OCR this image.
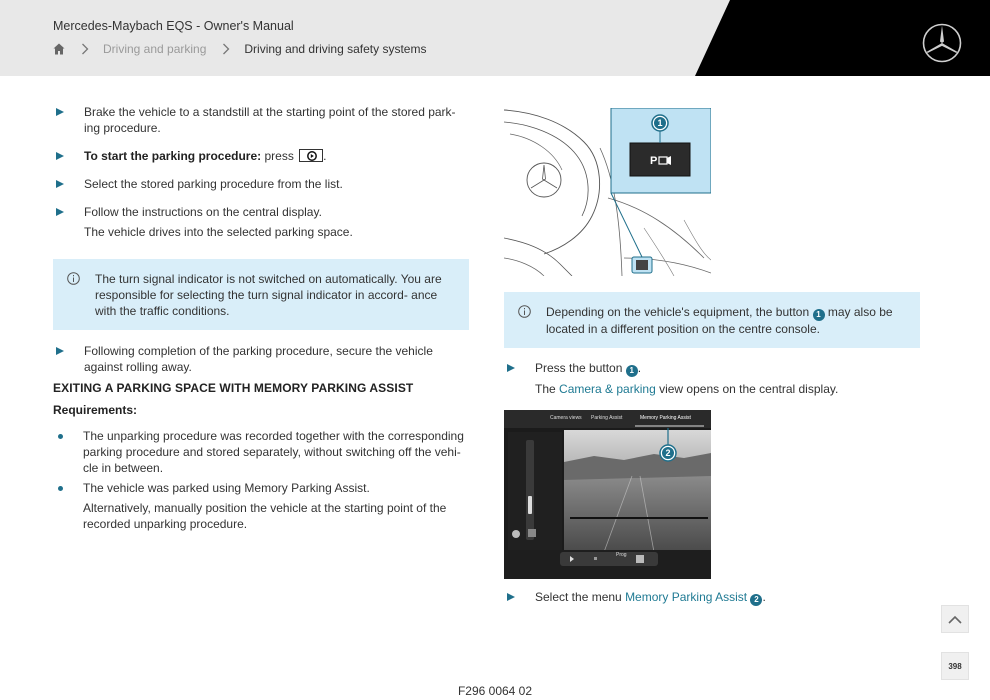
Mercedes-Maybach EQS - Owner's Manual
Driving and parking	Driving and driving safety systems

Brake the vehicle to a standstill at the starting point of the stored park- ing procedure.

To start the parking procedure: press .

Select the stored parking procedure from the list.

Follow the instructions on the central display.

The vehicle drives into the selected parking space.

The turn signal indicator is not switched on automatically. You are responsible for selecting the turn signal indicator in accord- ance with the traffic conditions.

Following completion of the parking procedure, secure the vehicle against rolling away.

EXITING A PARKING SPACE WITH MEMORY PARKING ASSIST
Requirements:

The unparking procedure was recorded together with the corresponding parking procedure and stored separately, without switching off the vehi- cle in between.

The vehicle was parked using Memory Parking Assist.

Alternatively, manually position the vehicle at the starting point of the recorded unparking procedure.

P
1
Depending on the vehicle's equipment, the button 1 may also be located in a different position on the centre console.

Press the button 1 .

The Camera & parking view opens on the central display.

Camera views Parking Assist	Memory Parking Assist
2
Prog

Select the menu Memory Parking Assist 2 .

398
F296 0064 02
